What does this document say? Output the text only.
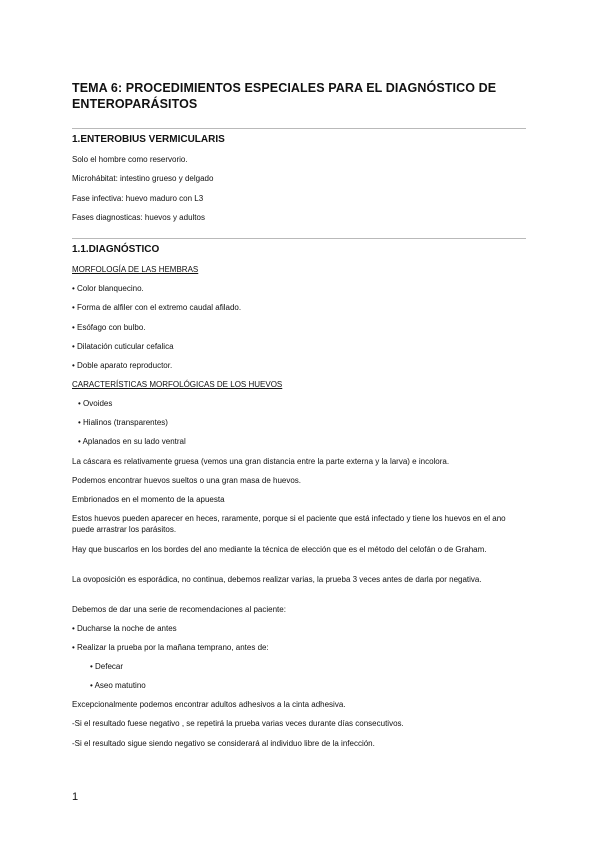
TEMA 6: PROCEDIMIENTOS ESPECIALES PARA EL DIAGNÓSTICO DE ENTEROPARÁSITOS
1.ENTEROBIUS VERMICULARIS
Solo el hombre como reservorio.
Microhábitat: intestino grueso y delgado
Fase infectiva: huevo maduro con L3
Fases diagnosticas: huevos y adultos
1.1.DIAGNÓSTICO
MORFOLOGÍA DE LAS HEMBRAS
• Color blanquecino.
• Forma de alfiler con el extremo caudal afilado.
• Esófago con bulbo.
• Dilatación cuticular cefalica
• Doble aparato reproductor.
CARACTERÍSTICAS MORFOLÓGICAS DE LOS HUEVOS
• Ovoides
• Hialinos (transparentes)
• Aplanados en su lado ventral
La cáscara es relativamente gruesa (vemos una gran distancia entre la parte externa y la larva) e incolora.
Podemos encontrar huevos sueltos o una gran masa de huevos.
Embrionados en el momento de la apuesta
Estos huevos pueden aparecer en heces, raramente, porque si el paciente que está infectado y tiene los huevos en el ano puede arrastrar los parásitos.
Hay que buscarlos en los bordes del ano mediante la técnica de elección que es el método del celofán o de Graham.
La ovoposición es esporádica, no continua, debemos realizar varias, la prueba 3 veces antes de darla por negativa.
Debemos de dar una serie de recomendaciones al paciente:
• Ducharse la noche de antes
• Realizar la prueba por la mañana temprano, antes de:
• Defecar
• Aseo matutino
Excepcionalmente podemos encontrar adultos adhesivos a la cinta adhesiva.
-Si el resultado fuese negativo , se repetirá la prueba varias veces durante días consecutivos.
-Si el resultado sigue siendo negativo se considerará al individuo libre de la infección.
1
